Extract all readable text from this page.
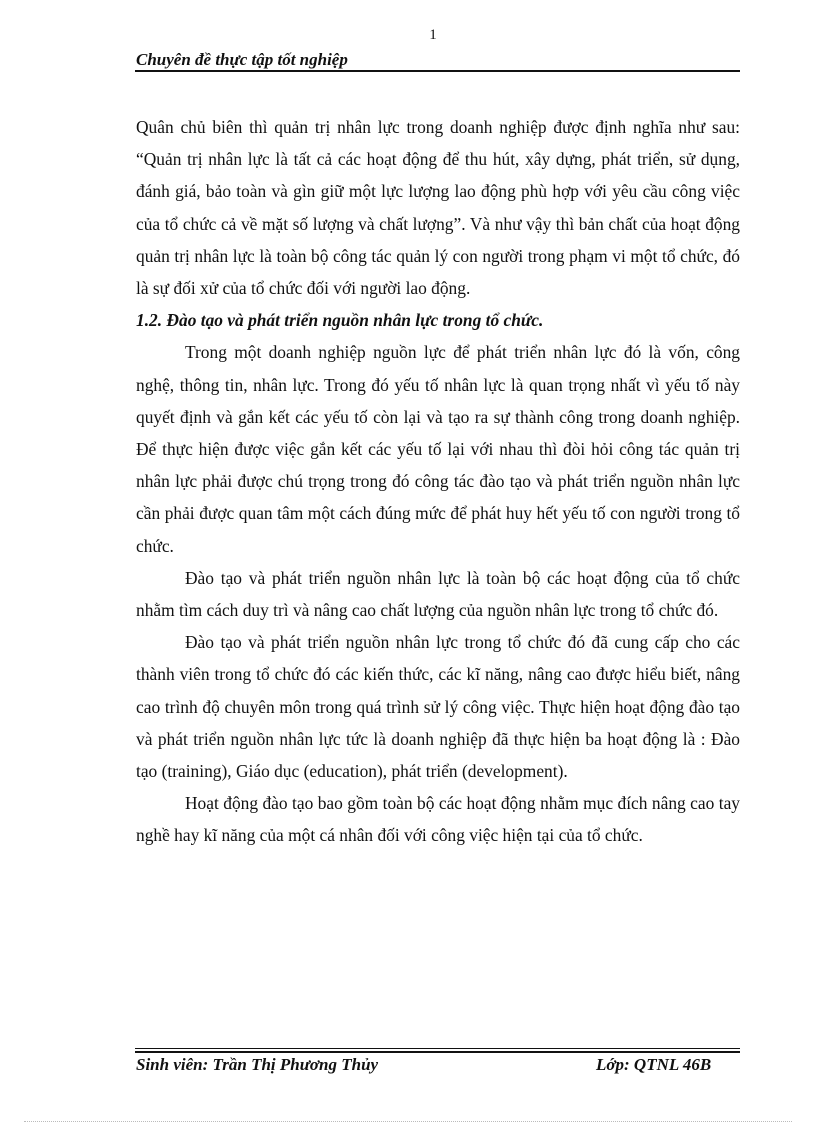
1
Chuyên đề thực tập tốt nghiệp

Quân chủ biên thì quản trị nhân lực trong doanh nghiệp được định nghĩa như sau: “Quản trị nhân lực là tất cả các hoạt động để thu hút, xây dựng, phát triển, sử dụng, đánh giá, bảo toàn và gìn giữ một lực lượng lao động phù hợp với yêu cầu công việc của tổ chức cả về mặt số lượng và chất lượng”. Và như vậy thì bản chất của hoạt động quản trị nhân lực là toàn bộ công tác quản lý con người trong phạm vi một tổ chức, đó là sự đối xử của tổ chức đối với người lao động.

1.2. Đào tạo và phát triển nguồn nhân lực trong tổ chức.

Trong một doanh nghiệp nguồn lực để phát triển nhân lực đó là vốn, công nghệ, thông tin, nhân lực. Trong đó yếu tố nhân lực là quan trọng nhất vì yếu tố này quyết định và gắn kết các yếu tố còn lại và tạo ra sự thành công trong doanh nghiệp. Để thực hiện được việc gắn kết các yếu tố lại với nhau thì đòi hỏi công tác quản trị nhân lực phải được chú trọng trong đó công tác đào tạo và phát triển nguồn nhân lực cần phải được quan tâm một cách đúng mức để phát huy hết yếu tố con người trong tổ chức.

Đào tạo và phát triển nguồn nhân lực là toàn bộ các hoạt động của tổ chức nhằm tìm cách duy trì và nâng cao chất lượng của nguồn nhân lực trong tổ chức đó.

Đào tạo và phát triển nguồn nhân lực trong tổ chức đó đã cung cấp cho các thành viên trong tổ chức đó các kiến thức, các kĩ năng, nâng cao được hiểu biết, nâng cao trình độ chuyên môn trong quá trình sử lý công việc. Thực hiện hoạt động đào tạo và phát triển nguồn nhân lực tức là doanh nghiệp đã thực hiện ba hoạt động là : Đào tạo (training), Giáo dục (education), phát triển (development).

Hoạt động đào tạo bao gồm toàn bộ các hoạt động nhằm mục đích nâng cao tay nghề hay kĩ năng của một cá nhân đối với công việc hiện tại của tổ chức.

Sinh viên: Trần Thị Phương Thủy	Lớp: QTNL 46B
